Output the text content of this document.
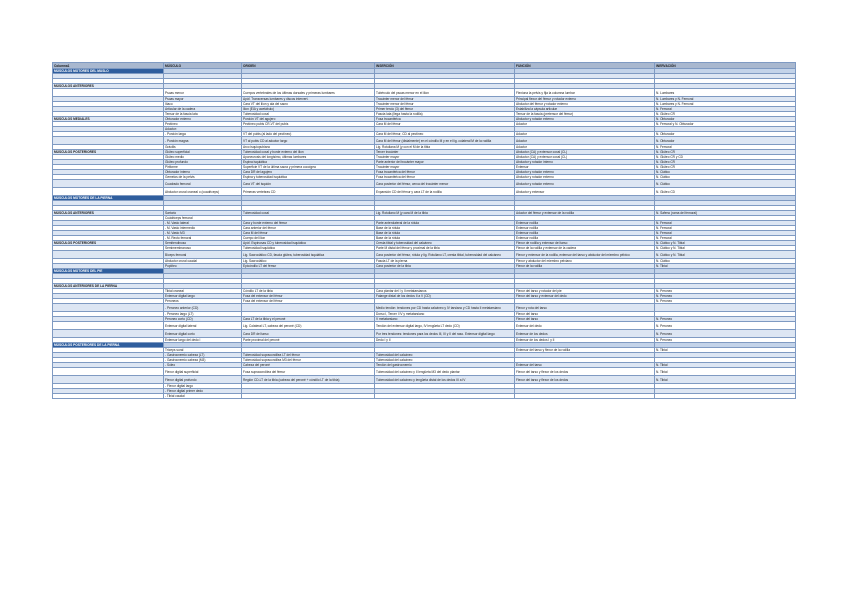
Columna1	MÚSCULO	ORIGEN	INSERCIÓN	FUNCIÓN	INERVACIÓN
MÚSCULOS MOTORES DEL MUSLO					

MÚSCULOS ANTERIORES					
	Psoas menor	Cuerpos vertebrales de los últimas dorsales y primeras lumbares	Tubérculo del psoas menor en el ilion	Flexiona la pelvis y fija la columna lumbar	N. Lumbares
	Psoas mayor	Apóf. Transversas lumbares y discos intervert.	Trocánter menor del fémur	Principal flexor del fémur y rotador externo	N. Lumbares y N. Femoral
	Ilíaco	Cara VT del ilion y ala del sacro	Trocánter menor del fémur	Abductor del fémur y rotador externo	N. Lumbares y N. Femoral
	Articular de la cadera	Ilion (EIA y acetábulo)	Primer tercio (3) del fémur	Estabiliza la cápsula articular	N. Femoral
	Tensor de la fascia lata	Tuberosidad coxal	Fascia lata (llega hasta la rodilla)	Tensor de la fascia (pretensor del fémur)	N. Glúteo CR
MÚSCULOS MEDIALES	Obturador externo	Porción VT del agujero	Fosa trocantérica	Abductor y rotador externo	N. Obturador
	Pectíneo	Pectíneo pubis CR-VT del pubis	Cara M del fémur	Aductor	N. Femoral y N. Obturador
	Aductor:				
	- Porción larga	VT del pubis (al lado del pectíneo)	Cara M del fémur, CD al pectíneo	Aductor	N. Obturador
	- Porción magna	VT al pubis CD al aductor largo	Cara M del fémur (distalmente) en el cóndilo M y en el lig. colateral M de la rodilla	Aductor	N. Obturador
	Grácilis	Arco isquiopubiano	Lig. Rotuliana M (y con el M de la tibia	Aductor	N. Femoral
MÚSCULOS POSTERIORES	Glúteo superficial	Tuberosidad coxal y borde externo del ilion	Tercer trocánter	Abductor (CA) y extensor coxal (CL)	N. Glúteo CR
	Glúteo medio	Aponeurosis del longísimo, últimas lumbares	Trocánter mayor	Abductor (CA) y extensor coxal (CL)	N. Glúteo CR y CD
	Glúteo profundo	Espina isquiática	Parte anterior del trocánter mayor	Abductor y rotador interno	N. Glúteo CR
	Piriforme	Superficie VT de la última sacra y primera coccígea	Trocánter mayor	Extensor	N. Glúteo CR
	Obturador interno	Cara DR del agujero	Fosa trocantérica del fémur	Abductor y rotador externo	N. Ciático
	Gemelos de la pelvis	Espina y tuberosidad isquiática	Fosa trocantérica del fémur	Abductor y rotador externo	N. Ciático
	Cuadrado femoral	Cara VT del isquión	Cara posterior del fémur, cerca del trocánter menor	Abductor y rotador externo	N. Ciático
	Abductor crural craneal o (cuadriceps)	Primeras vertebras CD	Expansión CD del fémur y cara LT de la rodilla	Abductor y extensor	N. Glúteo CD
MÚSCULOS MOTORES DE LA PIERNA					

MÚSCULOS ANTERIORES	Sartorio	Tuberosidad coxal	Lig. Rotuliano M (y cara M de la tibia	Aductor del fémur y extensor de la rodilla	N. Safeno (rama del femoral)
	Cuádriceps femoral				
	- M. Vasto lateral	Cara y borde externo del fémur	Parte anterolateral de la rótula	Extensor rodilla	N. Femoral
	- M. Vasto intermedio	Cara anterior del fémur	Base de la rótula	Extensor rodilla	N. Femoral
	- M. Vasto M3	Cara M del fémur	Base de la rótula	Extensor rodilla	N. Femoral
	- M. Recto femoral	Cuerpo del ilion	Base de la rótula	Extensor rodilla	N. Femoral
MÚSCULOS POSTERIORES	Semitendinoso	Apóf. Espinosas CD y tuberosidad isquiática	Cresta tibial y tuberosidad del calcáneo	Flexor de rodilla y extensor del tarso	N. Ciático y N. Tibial
	Semimembranoso	Tuberosidad isquiática	Parte M distal del fémur y proximal de la tibia	Flexor de la rodilla y extensor de la cadera	N. Ciático y N. Tibial
	Bíceps femoral	Lig. Sacrociático CD, fascia glútea, tuberosidad isquiática	Cara posterior del fémur, rótula y lig. Rotuliano LT, cresta tibial, tuberosidad del calcáneo	Flexor y extensor de la rodilla, extensor del tarso y abductor del miembro pélvico	N. Ciático y N. Tibial
	Abductor crural caudal	Lig. Sacrociático	Fascia LT de la pierna	Flexor y abductor del miembro pelviano	N. Ciático
	Poplíteo	Epicóndilo LT del fémur	Cara posterior de la tibia	Flexor de la rodilla	N. Tibial
MÚSCULOS MOTORES DEL PIE					

MÚSCULOS ANTERIORES DE LA PIERNA					
	Tibial craneal	Cóndilo LT de la tibia	Cara plantar del I y II metatarsianos	Flexor del tarso y rotador del pie	N. Peroneo
	Extensor digital largo	Fosa del extensor del fémur	Falange distal de los dedos II a V (CD)	Flexor del tarso y extensor del dedo	N. Peroneo
	Peroneos	Fosa del extensor del fémur			N. Peroneo
	- Peroneo anterior (CD)		Medio tendón: tendones por CD hasta calcáneo y IV tarsiano y CD hasta II metatarsiano	Flexor y rota del tarso	
	- Peroneo largo (LT)		Dorso I, Tercer I IV y metatarsiano	Flexor del tarso	
	Peroneo corto (CD)	Cara LT de la tibia y el peroné	V metatarsiano	Flexor del tarso	N. Peroneo
	Extensor digital lateral	Lig. Colateral LT, cabeza del peroné (CD)	Tendón del extensor digital largo, IV lengüeta LT dedo (CD)	Extensor del dedo	N. Peroneo
	Extensor digital corto	Cara DR del tarso	Por tres tendones: tendones para los dedos III, III y II del raso. Extensor digital largo	Extensor de los dedos	N. Peroneo
	Extensor largo del dedo I	Parte proximal del peroné	Dedo I y II	Extensor de los dedos I y II	N. Peroneo
MÚSCULOS POSTERIORES DE LA PIERNA					
	Tríceps sural			Extensor del tarso y flexor de la rodilla	N. Tibial
	- Gastrocnemio cabeza (LT)	Tuberosidad supracondilea LT del fémur	Tuberosidad del calcáneo		
	- Gastrocnemio cabeza (M3)	Tuberosidad supracondilea M3 del fémur	Tuberosidad del calcáneo		
	- Sóleo	Cabeza del peroné	Tendón del gastrocnemio	Extensor del tarso	N. Tibial
	Flexor digital superficial	Fosa supracondílea del fémur	Tuberosidad del calcáneo y II lengüeta M3 del dedo plantar	Flexor del tarso y flexor de los dedos	N. Tibial
	Flexor digital profundo	Región CD-LT de la tibia (cabeza del peroné + cóndilo LT de la tibia)	Tuberosidad del calcáneo y lengüeta distal de los dedos III a IV	Flexor del tarso y flexor de los dedos	N. Tibial
	- Flexor digital largo				
	- Flexor digital primer dedo				
	- Tibial caudal				
